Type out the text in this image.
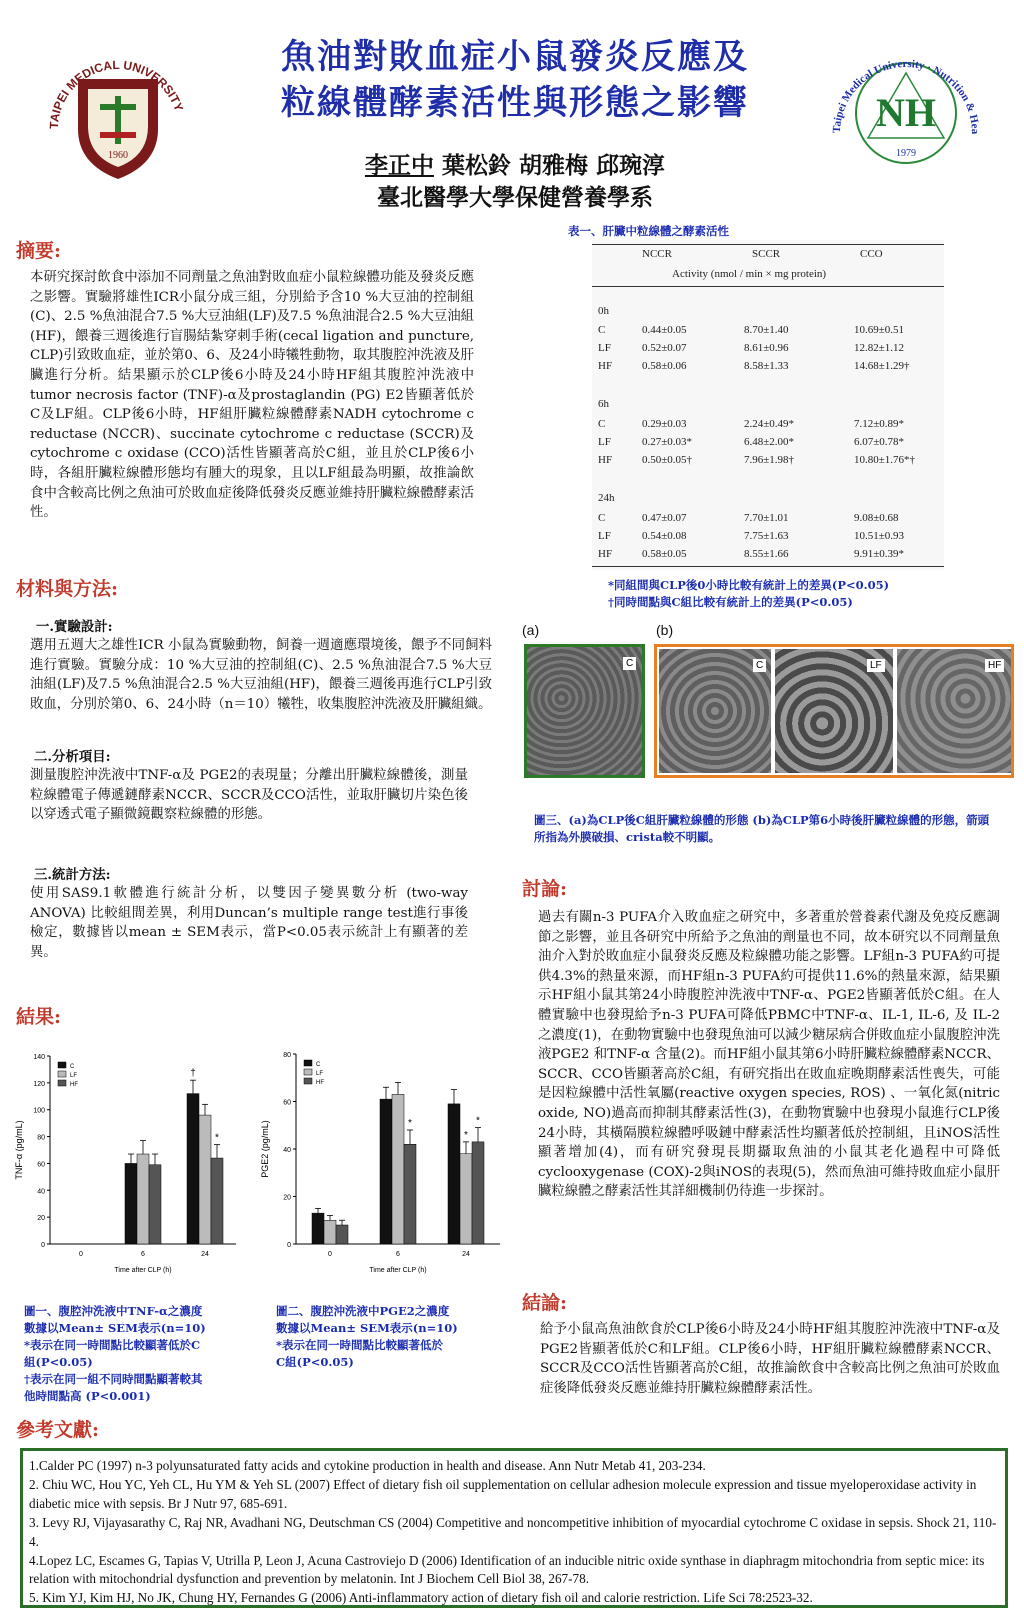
1960
TAIPEI MEDICAL UNIVERSITY	NH
1979
Taipei Medical University · Nutrition & Hea
魚油對敗血症小鼠發炎反應及
粒線體酵素活性與形態之影響
李正中 葉松鈴 胡雅梅 邱琬淳
臺北醫學大學保健營養學系
摘要:
本研究探討飲食中添加不同劑量之魚油對敗血症小鼠粒線體功能及發炎反應之影響。實驗將雄性ICR小鼠分成三組，分別給予含10 %大豆油的控制組(C)、2.5 %魚油混合7.5 %大豆油組(LF)及7.5 %魚油混合2.5 %大豆油組(HF)，餵養三週後進行盲腸結紮穿刺手術(cecal ligation and puncture, CLP)引致敗血症，並於第0、6、及24小時犧牲動物，取其腹腔沖洗液及肝臟進行分析。結果顯示於CLP後6小時及24小時HF組其腹腔沖洗液中tumor necrosis factor (TNF)-α及prostaglandin (PG) E2皆顯著低於C及LF組。CLP後6小時，HF組肝臟粒線體酵素NADH cytochrome c reductase (NCCR)、succinate cytochrome c reductase (SCCR)及cytochrome c oxidase (CCO)活性皆顯著高於C組，並且於CLP後6小時，各組肝臟粒線體形態均有腫大的現象，且以LF組最為明顯，故推論飲食中含較高比例之魚油可於敗血症後降低發炎反應並維持肝臟粒線體酵素活性。
材料與方法:
一.實驗設計:
選用五週大之雄性ICR 小鼠為實驗動物，飼養一週適應環境後，餵予不同飼料進行實驗。實驗分成：10 %大豆油的控制組(C)、2.5 %魚油混合7.5 %大豆油組(LF)及7.5 %魚油混合2.5 %大豆油組(HF)，餵養三週後再進行CLP引致敗血，分別於第0、6、24小時（n＝10）犧牲，收集腹腔沖洗液及肝臟組織。
二.分析項目:
測量腹腔沖洗液中TNF-α及 PGE2的表現量；分離出肝臟粒線體後，測量粒線體電子傳遞鏈酵素NCCR、SCCR及CCO活性，並取肝臟切片染色後以穿透式電子顯微鏡觀察粒線體的形態。
三.統計方法:
使用SAS9.1軟體進行統計分析，以雙因子變異數分析 (two-way ANOVA) 比較組間差異，利用Duncan’s multiple range test進行事後檢定，數據皆以mean ± SEM表示，當P<0.05表示統計上有顯著的差異。
結果:
0
20
40
60
80
100
120
140
TNF-α (pg/mL)
Time after CLP (h)
0	6	24
†
*
C
LF
HF
0
20
40
60
80
PGE2 (pg/mL)
Time after CLP (h)
0	6	24
*
*
*
C
LF
HF
圖一、腹腔沖洗液中TNF-α之濃度
數據以Mean± SEM表示(n=10)
*表示在同一時間點比較顯著低於C
組(P<0.05)
†表示在同一組不同時間點顯著較其
他時間點高 (P<0.001)
圖二、腹腔沖洗液中PGE2之濃度
數據以Mean± SEM表示(n=10)
*表示在同一時間點比較顯著低於
C組(P<0.05)
參考文獻:
表一、肝臟中粒線體之酵素活性
NCCR	SCCR	CCO
Activity (nmol / min × mg protein)
0h
C	0.44±0.05	8.70±1.40	10.69±0.51
LF	0.52±0.07	8.61±0.96	12.82±1.12
HF	0.58±0.06	8.58±1.33	14.68±1.29†
6h
C	0.29±0.03	2.24±0.49*	7.12±0.89*
LF	0.27±0.03*	6.48±2.00*	6.07±0.78*
HF	0.50±0.05†	7.96±1.98†	10.80±1.76*†
24h
C	0.47±0.07	7.70±1.01	9.08±0.68
LF	0.54±0.08	7.75±1.63	10.51±0.93
HF	0.58±0.05	8.55±1.66	9.91±0.39*
*同組間與CLP後0小時比較有統計上的差異(P<0.05)
†同時間點與C組比較有統計上的差異(P<0.05)
(a)	(b)
C	C	LF	HF
圖三、(a)為CLP後C組肝臟粒線體的形態 (b)為CLP第6小時後肝臟粒線體的形態，箭頭所指為外膜破損、crista較不明顯。
討論:
過去有關n-3 PUFA介入敗血症之研究中，多著重於營養素代謝及免疫反應調節之影響，並且各研究中所給予之魚油的劑量也不同，故本研究以不同劑量魚油介入對於敗血症小鼠發炎反應及粒線體功能之影響。LF組n-3 PUFA約可提供4.3%的熱量來源，而HF組n-3 PUFA約可提供11.6%的熱量來源，結果顯示HF組小鼠其第24小時腹腔沖洗液中TNF-α、PGE2皆顯著低於C組。在人體實驗中也發現給予n-3 PUFA可降低PBMC中TNF-α、IL-1, IL-6, 及 IL-2之濃度(1)，在動物實驗中也發現魚油可以減少糖尿病合併敗血症小鼠腹腔沖洗液PGE2 和TNF-α 含量(2)。而HF組小鼠其第6小時肝臟粒線體酵素NCCR、SCCR、CCO皆顯著高於C組，有研究指出在敗血症晚期酵素活性喪失，可能是因粒線體中活性氧屬(reactive oxygen species, ROS) 、一氧化氮(nitric oxide, NO)過高而抑制其酵素活性(3)，在動物實驗中也發現小鼠進行CLP後24小時，其橫隔膜粒線體呼吸鏈中酵素活性均顯著低於控制組，且iNOS活性顯著增加(4)，而有研究發現長期攝取魚油的小鼠其老化過程中可降低cyclooxygenase (COX)-2與iNOS的表現(5)，然而魚油可維持敗血症小鼠肝臟粒線體之酵素活性其詳細機制仍待進一步探討。
結論:
給予小鼠高魚油飲食於CLP後6小時及24小時HF組其腹腔沖洗液中TNF-α及PGE2皆顯著低於C和LF組。CLP後6小時，HF組肝臟粒線體酵素NCCR、SCCR及CCO活性皆顯著高於C組，故推論飲食中含較高比例之魚油可於敗血症後降低發炎反應並維持肝臟粒線體酵素活性。
1.Calder PC (1997) n-3 polyunsaturated fatty acids and cytokine production in health and disease. Ann Nutr Metab 41, 203-234.
2. Chiu WC, Hou YC, Yeh CL, Hu YM & Yeh SL (2007) Effect of dietary fish oil supplementation on cellular adhesion molecule expression and tissue myeloperoxidase activity in diabetic mice with sepsis. Br J Nutr 97, 685-691.
3. Levy RJ, Vijayasarathy C, Raj NR, Avadhani NG, Deutschman CS (2004) Competitive and noncompetitive inhibition of myocardial cytochrome C oxidase in sepsis. Shock 21, 110-4.
4.Lopez LC, Escames G, Tapias V, Utrilla P, Leon J, Acuna Castroviejo D (2006) Identification of an inducible nitric oxide synthase in diaphragm mitochondria from septic mice: its relation with mitochondrial dysfunction and prevention by melatonin. Int J Biochem Cell Biol 38, 267-78.
5. Kim YJ, Kim HJ, No JK, Chung HY, Fernandes G (2006) Anti-inflammatory action of dietary fish oil and calorie restriction. Life Sci 78:2523-32.
